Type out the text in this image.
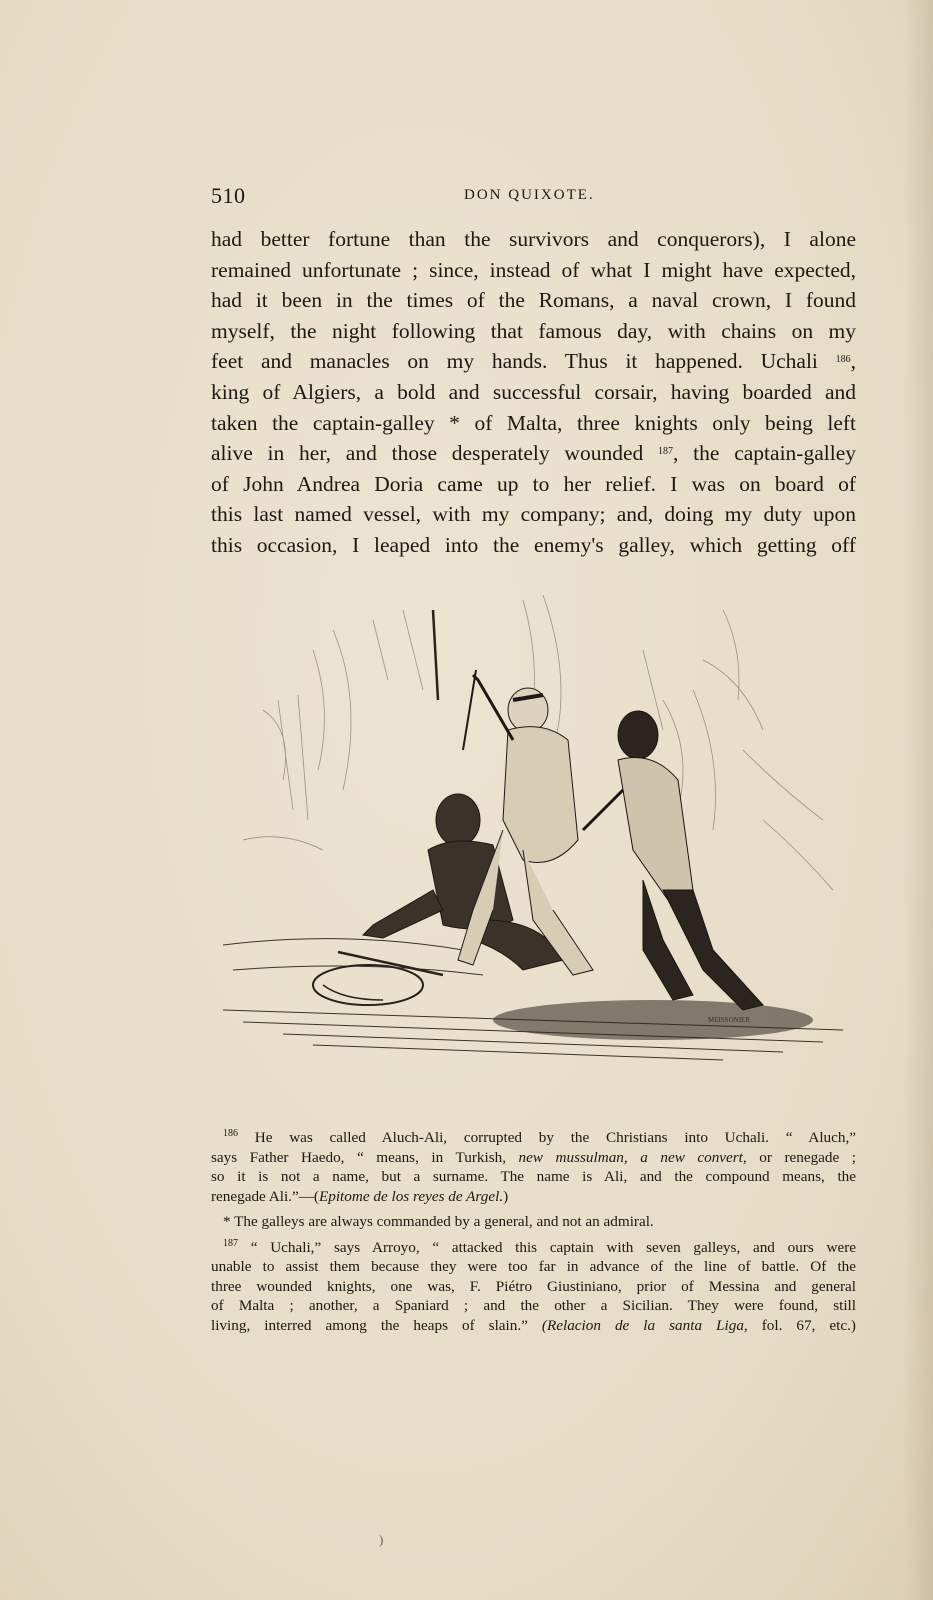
510	DON QUIXOTE.
had better fortune than the survivors and conquerors), I alone
remained unfortunate ; since, instead of what I might have expected,
had it been in the times of the Romans, a naval crown, I found
myself, the night following that famous day, with chains on my
feet and manacles on my hands. Thus it happened. Uchali $^{186}$,
king of Algiers, a bold and successful corsair, having boarded and
taken the captain-galley * of Malta, three knights only being left
alive in her, and those desperately wounded $^{187}$, the captain-galley
of John Andrea Doria came up to her relief. I was on board of
this last named vessel, with my company; and, doing my duty upon
this occasion, I leaped into the enemy's galley, which getting off
MEISSONIER
$^{186}$ He was called Aluch-Ali, corrupted by the Christians into Uchali. “ Aluch,”
says Father Haedo, “ means, in Turkish, new mussulman, a new convert, or renegade ;
so it is not a name, but a surname. The name is Ali, and the compound means, the
renegade Ali.”—(Epitome de los reyes de Argel.)
* The galleys are always commanded by a general, and not an admiral.
$^{187}$ “ Uchali,” says Arroyo, “ attacked this captain with seven galleys, and ours were
unable to assist them because they were too far in advance of the line of battle. Of the
three wounded knights, one was, F. Piétro Giustiniano, prior of Messina and general
of Malta ; another, a Spaniard ; and the other a Sicilian. They were found, still
living, interred among the heaps of slain.” (Relacion de la santa Liga, fol. 67, etc.)
)
